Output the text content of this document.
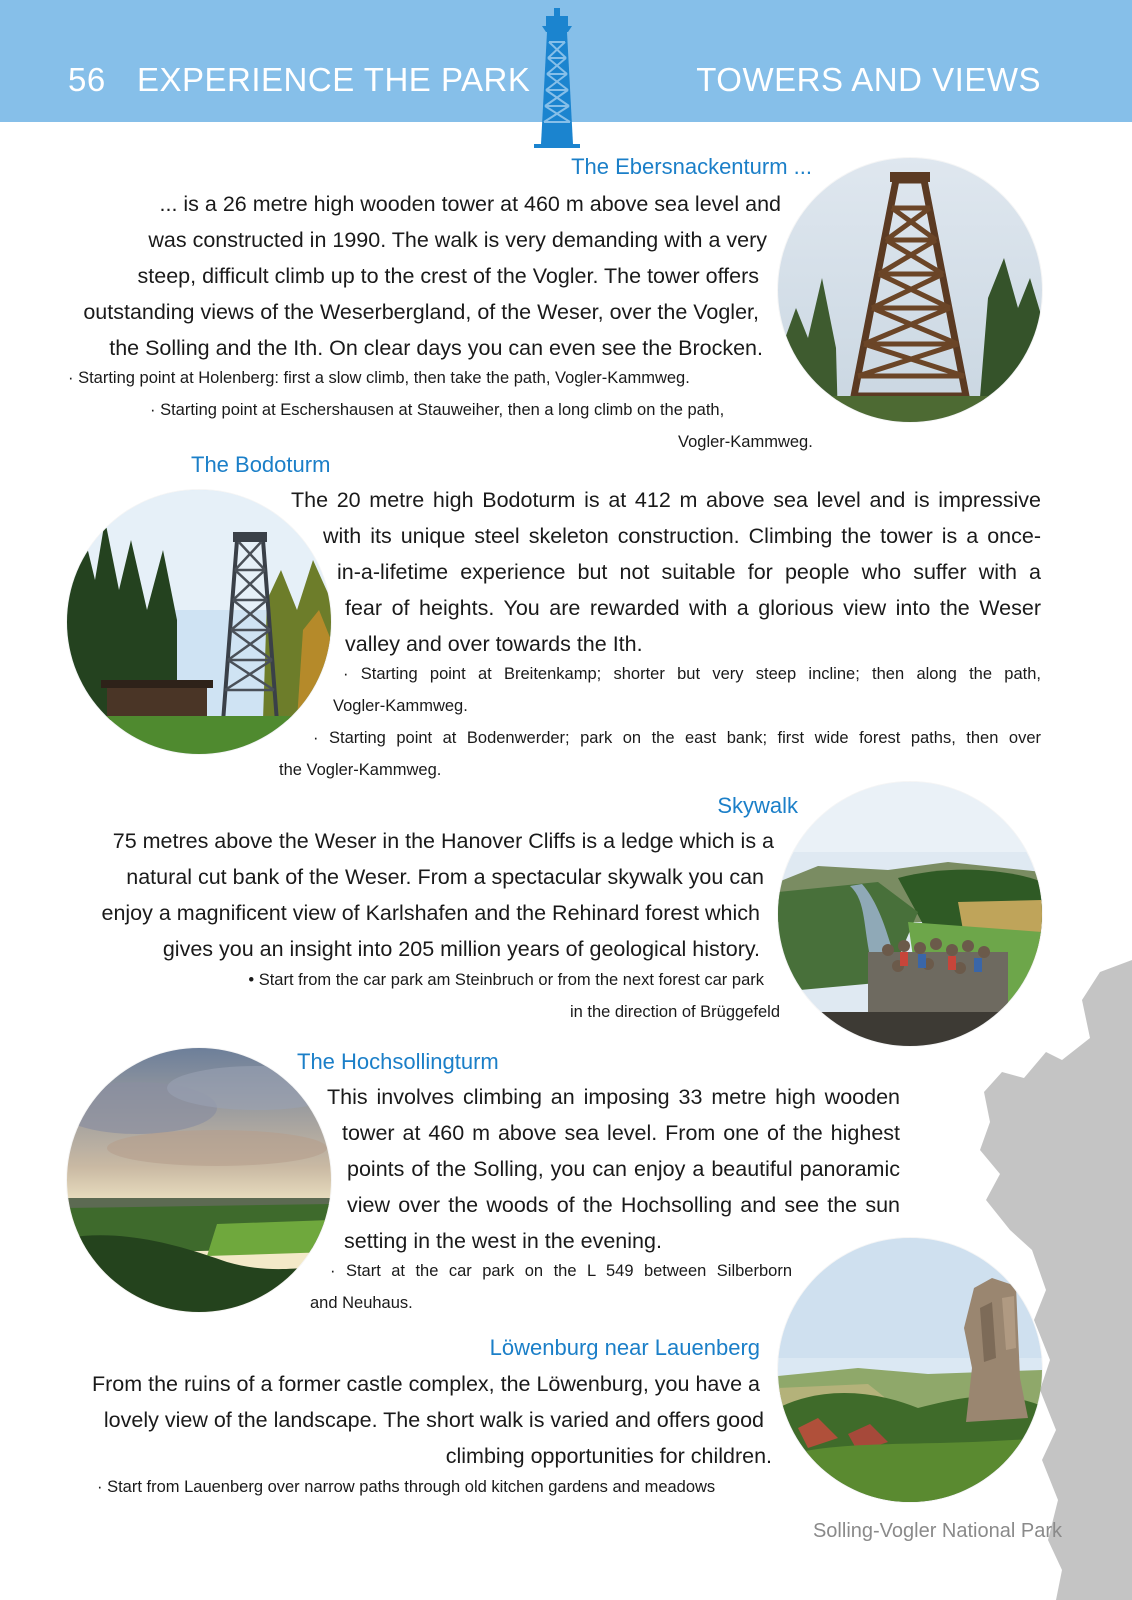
56 EXPERIENCE THE PARK	TOWERS AND VIEWS
The Ebersnackenturm ...
... is a 26 metre high wooden tower at 460 m above sea level and
was constructed in 1990. The walk is very demanding with a very
steep, difficult climb up to the crest of the Vogler. The tower offers
outstanding views of the Weserbergland, of the Weser, over the Vogler,
the Solling and the Ith. On clear days you can even see the Brocken.
· Starting point at Holenberg: first a slow climb, then take the path, Vogler-Kammweg.
· Starting point at Eschershausen at Stauweiher, then a long climb on the path,
Vogler-Kammweg.
The Bodoturm
The 20 metre high Bodoturm is at 412 m above sea level and is impressive
with its unique steel skeleton construction. Climbing the tower is a once-
in-a-lifetime experience but not suitable for people who suffer with a
fear of heights. You are rewarded with a glorious view into the Weser
valley and over towards the Ith.
· Starting point at Breitenkamp; shorter but very steep incline; then along the path,
Vogler-Kammweg.
· Starting point at Bodenwerder; park on the east bank; first wide forest paths, then over
the Vogler-Kammweg.
Skywalk
75 metres above the Weser in the Hanover Cliffs is a ledge which is a
natural cut bank of the Weser. From a spectacular skywalk you can
enjoy a magnificent view of Karlshafen and the Rehinard forest which
gives you an insight into 205 million years of geological history.
• Start from the car park am Steinbruch or from the next forest car park
in the direction of Brüggefeld
The Hochsollingturm
This involves climbing an imposing 33 metre high wooden
tower at 460 m above sea level. From one of the highest
points of the Solling, you can enjoy a beautiful panoramic
view over the woods of the Hochsolling and see the sun
setting in the west in the evening.
· Start at the car park on the L 549 between Silberborn
and Neuhaus.
Löwenburg near Lauenberg
From the ruins of a former castle complex, the Löwenburg, you have a
lovely view of the landscape. The short walk is varied and offers good
climbing opportunities for children.
· Start from Lauenberg over narrow paths through old kitchen gardens and meadows
Solling-Vogler National Park
